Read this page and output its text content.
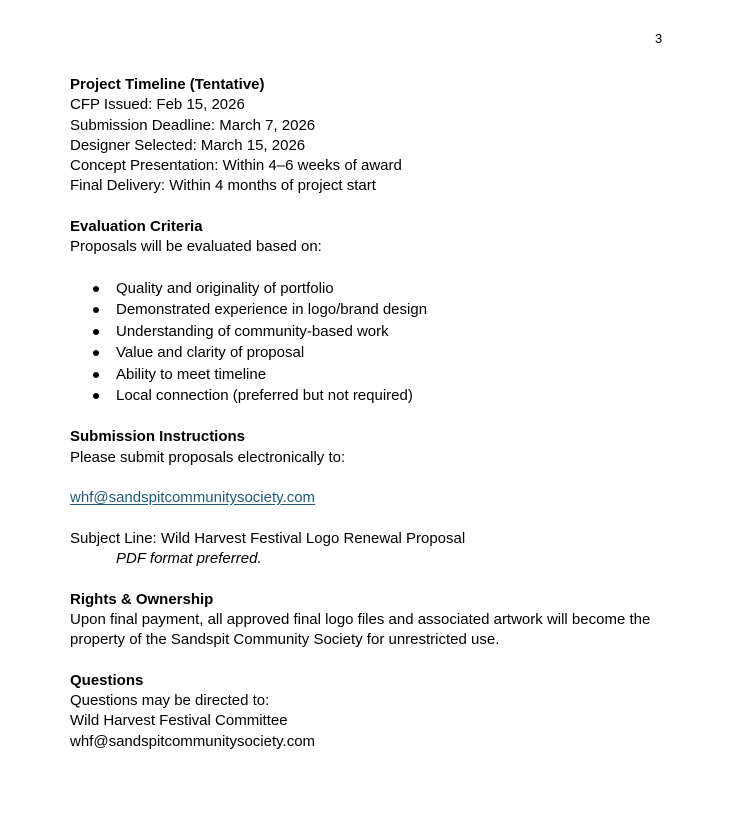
3
Project Timeline (Tentative)
CFP Issued: Feb 15, 2026
Submission Deadline: March 7, 2026
Designer Selected: March 15, 2026
Concept Presentation: Within 4–6 weeks of award
Final Delivery: Within 4 months of project start
Evaluation Criteria
Proposals will be evaluated based on:
Quality and originality of portfolio
Demonstrated experience in logo/brand design
Understanding of community-based work
Value and clarity of proposal
Ability to meet timeline
Local connection (preferred but not required)
Submission Instructions
Please submit proposals electronically to:
whf@sandspitcommunitysociety.com
Subject Line: Wild Harvest Festival Logo Renewal Proposal
PDF format preferred.
Rights & Ownership
Upon final payment, all approved final logo files and associated artwork will become the property of the Sandspit Community Society for unrestricted use.
Questions
Questions may be directed to:
Wild Harvest Festival Committee
whf@sandspitcommunitysociety.com
